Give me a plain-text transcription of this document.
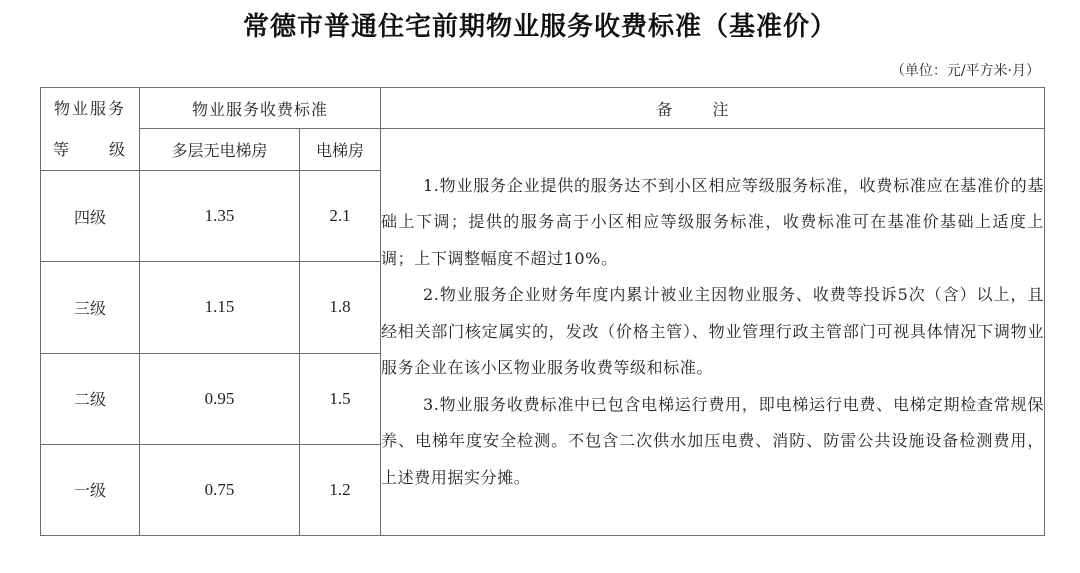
常德市普通住宅前期物业服务收费标准（基准价）
（单位：元/平方米·月）
物业服务
等 级	物业服务收费标准		备注
	多层无电梯房	电梯房	1.物业服务企业提供的服务达不到小区相应等级服务标准，收费标准应在基准价的基础上下调；提供的服务高于小区相应等级服务标准，收费标准可在基准价基础上适度上调；上下调整幅度不超过10%。

2.物业服务企业财务年度内累计被业主因物业服务、收费等投诉5次（含）以上，且经相关部门核定属实的，发改（价格主管）、物业管理行政主管部门可视具体情况下调物业服务企业在该小区物业服务收费等级和标准。

3.物业服务收费标准中已包含电梯运行费用，即电梯运行电费、电梯定期检查常规保养、电梯年度安全检测。不包含二次供水加压电费、消防、防雷公共设施设备检测费用，上述费用据实分摊。

四级	1.35	2.1	
三级	1.15	1.8	
二级	0.95	1.5	
一级	0.75	1.2	
